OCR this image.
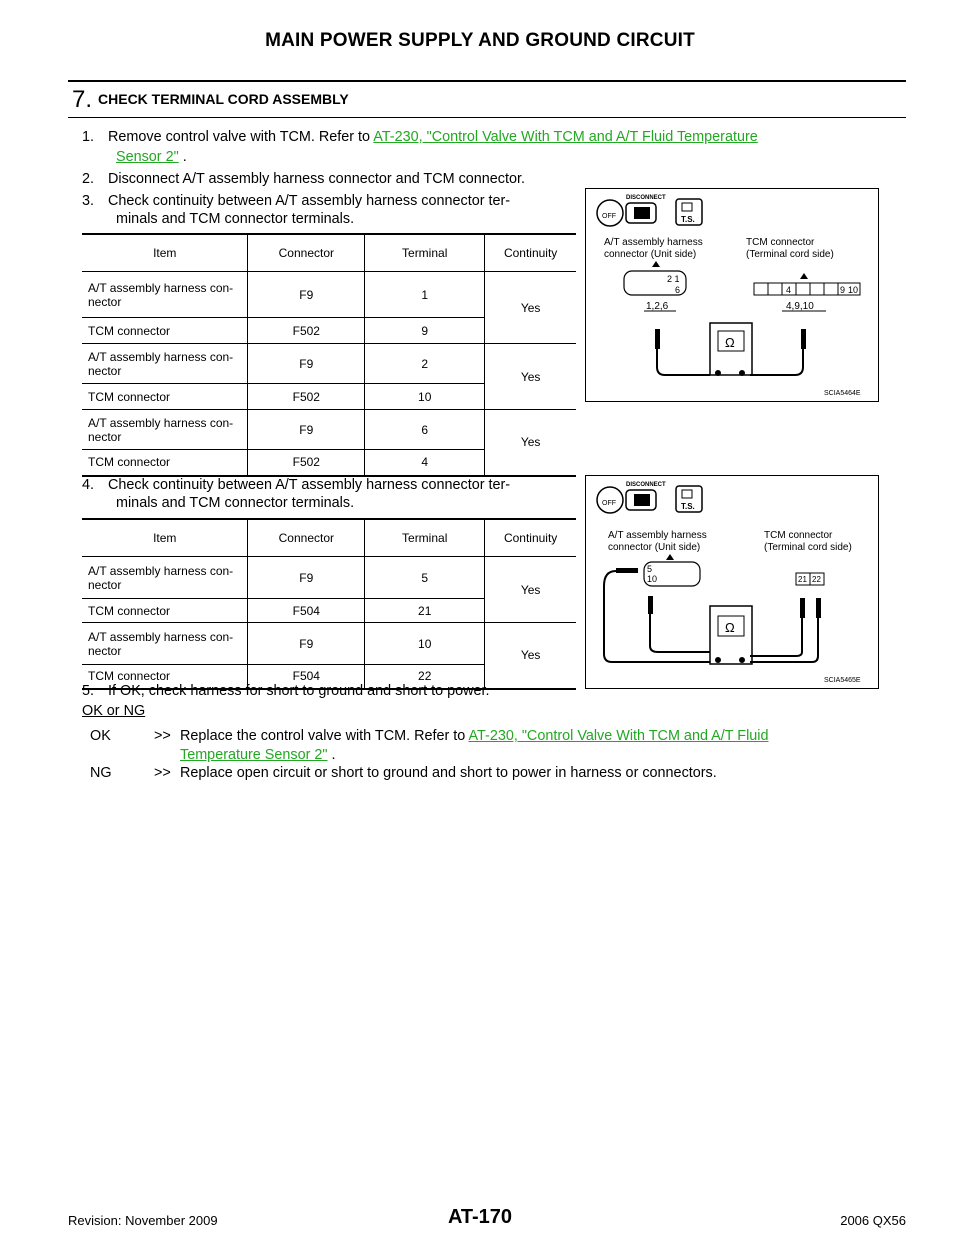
MAIN POWER SUPPLY AND GROUND CIRCUIT
7. CHECK TERMINAL CORD ASSEMBLY
1. Remove control valve with TCM. Refer to AT-230, "Control Valve With TCM and A/T Fluid Temperature
Sensor 2" .
2. Disconnect A/T assembly harness connector and TCM connector.
3. Check continuity between A/T assembly harness connector ter-
minals and TCM connector terminals.
Item	Connector	Terminal	Continuity
A/T assembly harness con-
nector	F9	1	Yes
TCM connector	F502	9	
A/T assembly harness con-
nector	F9	2	Yes
TCM connector	F502	10	
A/T assembly harness con-
nector	F9	6	Yes
TCM connector	F502	4	
OFF
DISCONNECT
T.S.
A/T assembly harness
connector (Unit side)
TCM connector
(Terminal cord side)
2 1
6
1,2,6
4	9 10
4,9,10
Ω
SCIA5464E
4. Check continuity between A/T assembly harness connector ter-
minals and TCM connector terminals.
Item	Connector	Terminal	Continuity
A/T assembly harness con-
nector	F9	5	Yes
TCM connector	F504	21	
A/T assembly harness con-
nector	F9	10	Yes
TCM connector	F504	22	
OFF
DISCONNECT
T.S.
A/T assembly harness
connector (Unit side)
TCM connector
(Terminal cord side)
5
10	21 22
Ω
SCIA5465E
5. If OK, check harness for short to ground and short to power.
OK or NG
OK	>> Replace the control valve with TCM. Refer to AT-230, "Control Valve With TCM and A/T Fluid
Temperature Sensor 2" .
NG	>> Replace open circuit or short to ground and short to power in harness or connectors.
Revision: November 2009	AT-170	2006 QX56
